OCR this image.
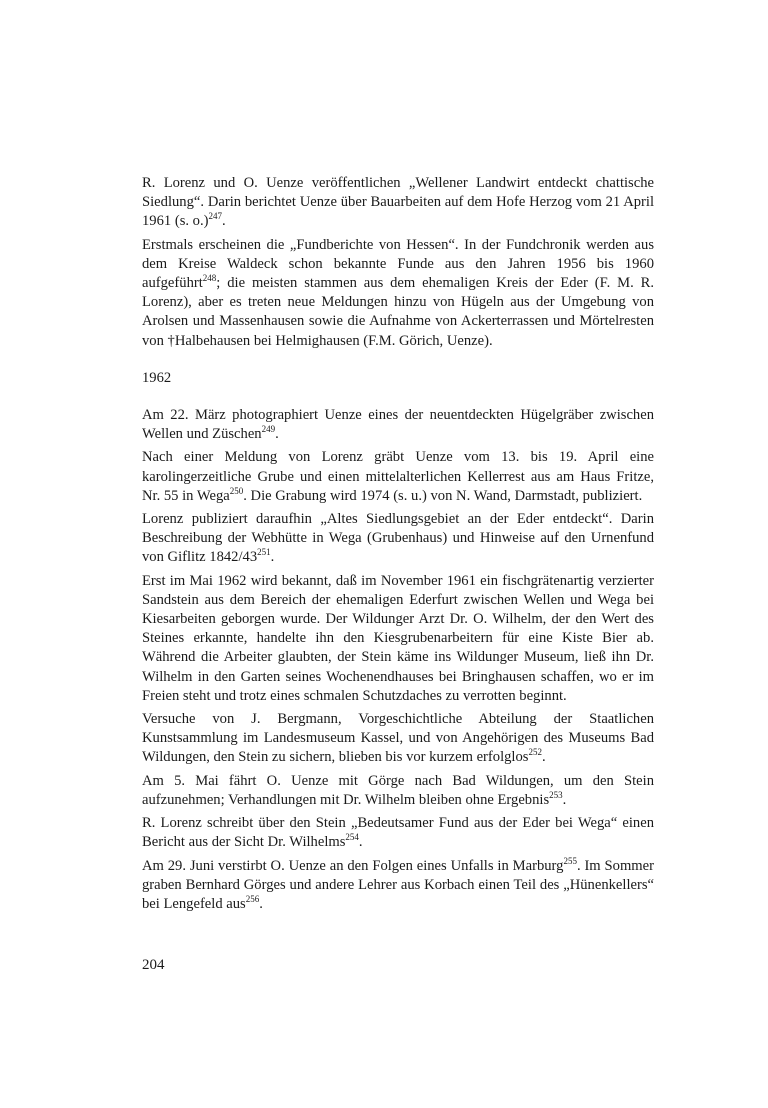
R. Lorenz und O. Uenze veröffentlichen „Wellener Landwirt entdeckt chattische Siedlung“. Darin berichtet Uenze über Bauarbeiten auf dem Hofe Herzog vom 21 April 1961 (s. o.)$^{247}$.

Erstmals erscheinen die „Fundberichte von Hessen“. In der Fundchronik werden aus dem Kreise Waldeck schon bekannte Funde aus den Jahren 1956 bis 1960 aufgeführt$^{248}$; die meisten stammen aus dem ehemaligen Kreis der Eder (F. M. R. Lorenz), aber es treten neue Meldungen hinzu von Hügeln aus der Umgebung von Arolsen und Massenhausen sowie die Aufnahme von Ackerterrassen und Mörtelresten von †Halbehausen bei Helmighausen (F.M. Görich, Uenze).

1962

Am 22. März photographiert Uenze eines der neuentdeckten Hügelgräber zwischen Wellen und Züschen$^{249}$.

Nach einer Meldung von Lorenz gräbt Uenze vom 13. bis 19. April eine karolingerzeitliche Grube und einen mittelalterlichen Kellerrest aus am Haus Fritze, Nr. 55 in Wega$^{250}$. Die Grabung wird 1974 (s. u.) von N. Wand, Darmstadt, publiziert.

Lorenz publiziert daraufhin „Altes Siedlungsgebiet an der Eder entdeckt“. Darin Beschreibung der Webhütte in Wega (Grubenhaus) und Hinweise auf den Urnenfund von Giflitz $1842/43^{251}$.

Erst im Mai 1962 wird bekannt, daß im November 1961 ein fischgrätenartig verzierter Sandstein aus dem Bereich der ehemaligen Ederfurt zwischen Wellen und Wega bei Kiesarbeiten geborgen wurde. Der Wildunger Arzt Dr. O. Wilhelm, der den Wert des Steines erkannte, handelte ihn den Kiesgrubenarbeitern für eine Kiste Bier ab. Während die Arbeiter glaubten, der Stein käme ins Wildunger Museum, ließ ihn Dr. Wilhelm in den Garten seines Wochenendhauses bei Bringhausen schaffen, wo er im Freien steht und trotz eines schmalen Schutzdaches zu verrotten beginnt.

Versuche von J. Bergmann, Vorgeschichtliche Abteilung der Staatlichen Kunstsammlung im Landesmuseum Kassel, und von Angehörigen des Museums Bad Wildungen, den Stein zu sichern, blieben bis vor kurzem erfolglos$^{252}$.

Am 5. Mai fährt O. Uenze mit Görge nach Bad Wildungen, um den Stein aufzunehmen; Verhandlungen mit Dr. Wilhelm bleiben ohne Ergebnis$^{253}$.

R. Lorenz schreibt über den Stein „Bedeutsamer Fund aus der Eder bei Wega“ einen Bericht aus der Sicht Dr. Wilhelms$^{254}$.

Am 29. Juni verstirbt O. Uenze an den Folgen eines Unfalls in Marburg$^{255}$. Im Sommer graben Bernhard Görges und andere Lehrer aus Korbach einen Teil des „Hünenkellers“ bei Lengefeld aus$^{256}$.

204
